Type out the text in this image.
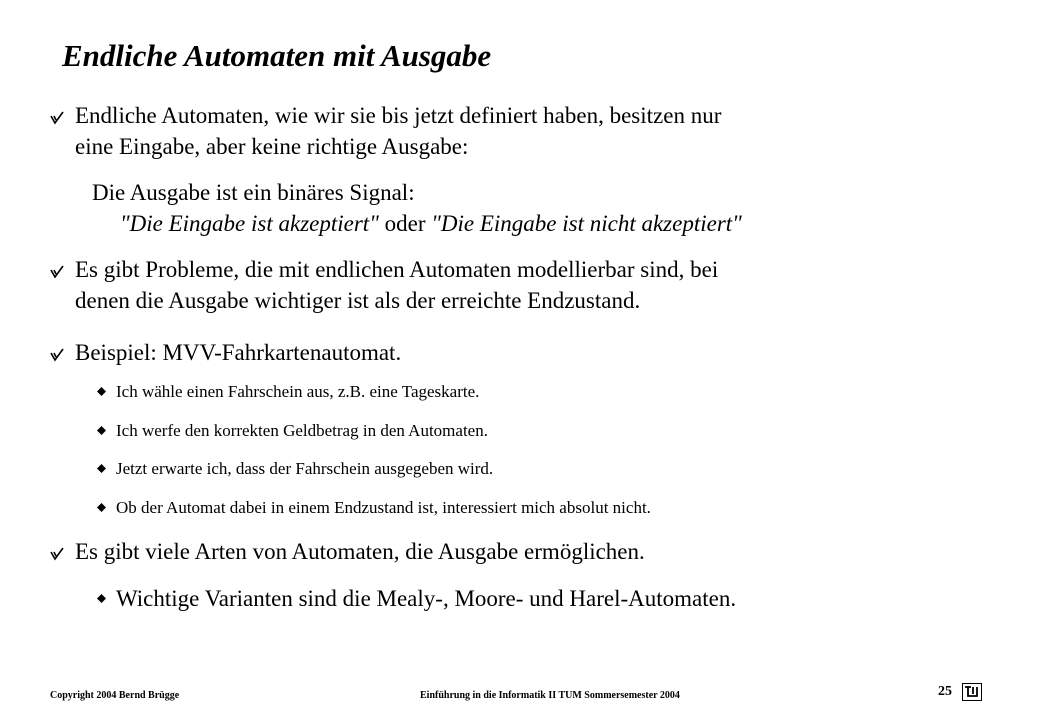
Endliche Automaten mit Ausgabe
Endliche Automaten, wie wir sie bis jetzt definiert haben, besitzen nur
eine Eingabe, aber keine richtige Ausgabe:
Die Ausgabe ist ein binäres Signal:
"Die Eingabe ist akzeptiert" oder "Die Eingabe ist nicht akzeptiert"
Es gibt Probleme, die mit endlichen Automaten modellierbar sind, bei
denen die Ausgabe wichtiger ist als der erreichte Endzustand.
Beispiel: MVV-Fahrkartenautomat.
Ich wähle einen Fahrschein aus, z.B. eine Tageskarte.
Ich werfe den korrekten Geldbetrag in den Automaten.
Jetzt erwarte ich, dass der Fahrschein ausgegeben wird.
Ob der Automat dabei in einem Endzustand ist, interessiert mich absolut nicht.
Es gibt viele Arten von Automaten, die Ausgabe ermöglichen.
Wichtige Varianten sind die Mealy-, Moore- und Harel-Automaten.
Copyright 2004 Bernd Brügge	Einführung in die Informatik II TUM Sommersemester 2004	25
